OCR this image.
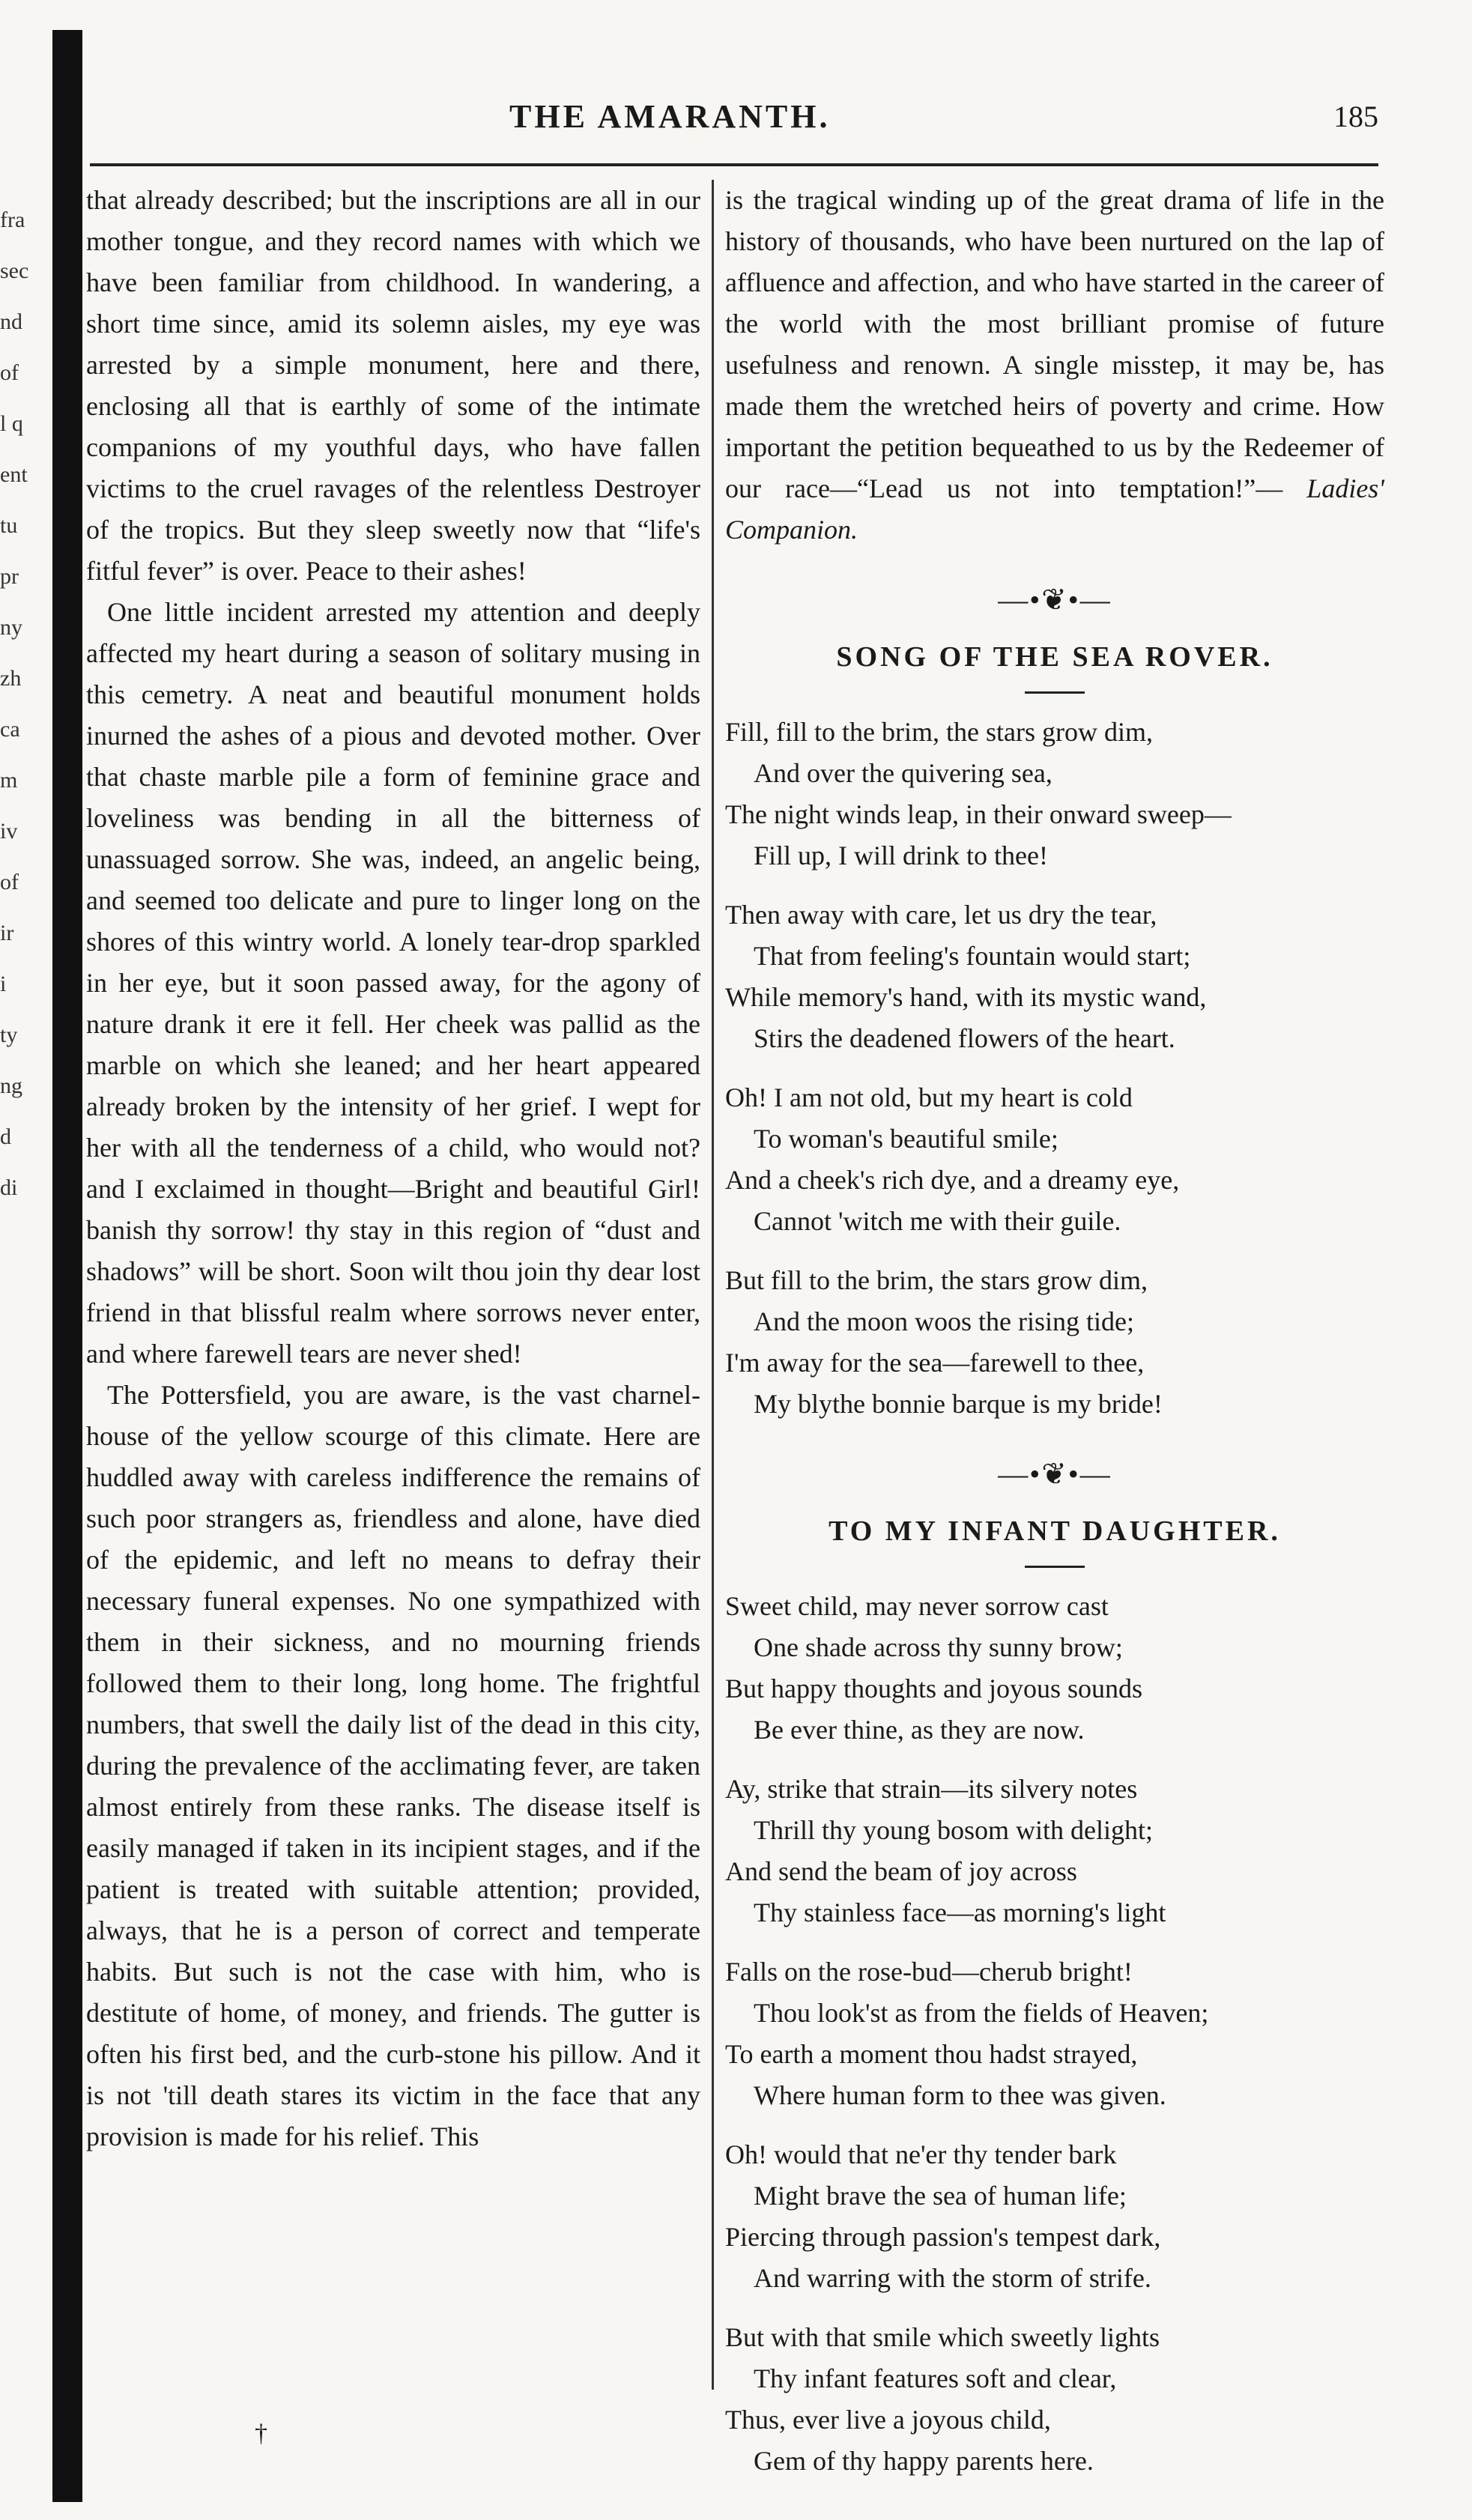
fra
sec
nd
of
l q
ent
tu
pr
ny
zh
ca
m
iv
of
ir
i
ty
ng
d
di
THE AMARANTH.	185

that already described; but the inscriptions are all in our mother tongue, and they record names with which we have been familiar from childhood. In wandering, a short time since, amid its solemn aisles, my eye was arrested by a simple monument, here and there, enclosing all that is earthly of some of the intimate companions of my youthful days, who have fallen victims to the cruel ravages of the relentless Destroyer of the tropics. But they sleep sweetly now that “life's fitful fever” is over. Peace to their ashes!

One little incident arrested my attention and deeply affected my heart during a season of solitary musing in this cemetry. A neat and beautiful monument holds inurned the ashes of a pious and devoted mother. Over that chaste marble pile a form of feminine grace and loveliness was bending in all the bitterness of unassuaged sorrow. She was, indeed, an angelic being, and seemed too delicate and pure to linger long on the shores of this wintry world. A lonely tear-drop sparkled in her eye, but it soon passed away, for the agony of nature drank it ere it fell. Her cheek was pallid as the marble on which she leaned; and her heart appeared already broken by the intensity of her grief. I wept for her with all the tenderness of a child, who would not? and I exclaimed in thought—Bright and beautiful Girl! banish thy sorrow! thy stay in this region of “dust and shadows” will be short. Soon wilt thou join thy dear lost friend in that blissful realm where sorrows never enter, and where farewell tears are never shed!

The Pottersfield, you are aware, is the vast charnel-house of the yellow scourge of this climate. Here are huddled away with careless indifference the remains of such poor strangers as, friendless and alone, have died of the epidemic, and left no means to defray their necessary funeral expenses. No one sympathized with them in their sickness, and no mourning friends followed them to their long, long home. The frightful numbers, that swell the daily list of the dead in this city, during the prevalence of the acclimating fever, are taken almost entirely from these ranks. The disease itself is easily managed if taken in its incipient stages, and if the patient is treated with suitable attention; provided, always, that he is a person of correct and temperate habits. But such is not the case with him, who is destitute of home, of money, and friends. The gutter is often his first bed, and the curb-stone his pillow. And it is not 'till death stares its victim in the face that any provision is made for his relief. This

is the tragical winding up of the great drama of life in the history of thousands, who have been nurtured on the lap of affluence and affection, and who have started in the career of the world with the most brilliant promise of future usefulness and renown. A single misstep, it may be, has made them the wretched heirs of poverty and crime. How important the petition bequeathed to us by the Redeemer of our race—“Lead us not into temptation!”— Ladies' Companion.

—•❦•—
SONG OF THE SEA ROVER.
Fill, fill to the brim, the stars grow dim,
And over the quivering sea,
The night winds leap, in their onward sweep—
Fill up, I will drink to thee!
Then away with care, let us dry the tear,
That from feeling's fountain would start;
While memory's hand, with its mystic wand,
Stirs the deadened flowers of the heart.
Oh! I am not old, but my heart is cold
To woman's beautiful smile;
And a cheek's rich dye, and a dreamy eye,
Cannot 'witch me with their guile.
But fill to the brim, the stars grow dim,
And the moon woos the rising tide;
I'm away for the sea—farewell to thee,
My blythe bonnie barque is my bride!
—•❦•—
TO MY INFANT DAUGHTER.
Sweet child, may never sorrow cast
One shade across thy sunny brow;
But happy thoughts and joyous sounds
Be ever thine, as they are now.
Ay, strike that strain—its silvery notes
Thrill thy young bosom with delight;
And send the beam of joy across
Thy stainless face—as morning's light
Falls on the rose-bud—cherub bright!
Thou look'st as from the fields of Heaven;
To earth a moment thou hadst strayed,
Where human form to thee was given.
Oh! would that ne'er thy tender bark
Might brave the sea of human life;
Piercing through passion's tempest dark,
And warring with the storm of strife.
But with that smile which sweetly lights
Thy infant features soft and clear,
Thus, ever live a joyous child,
Gem of thy happy parents here.
†
